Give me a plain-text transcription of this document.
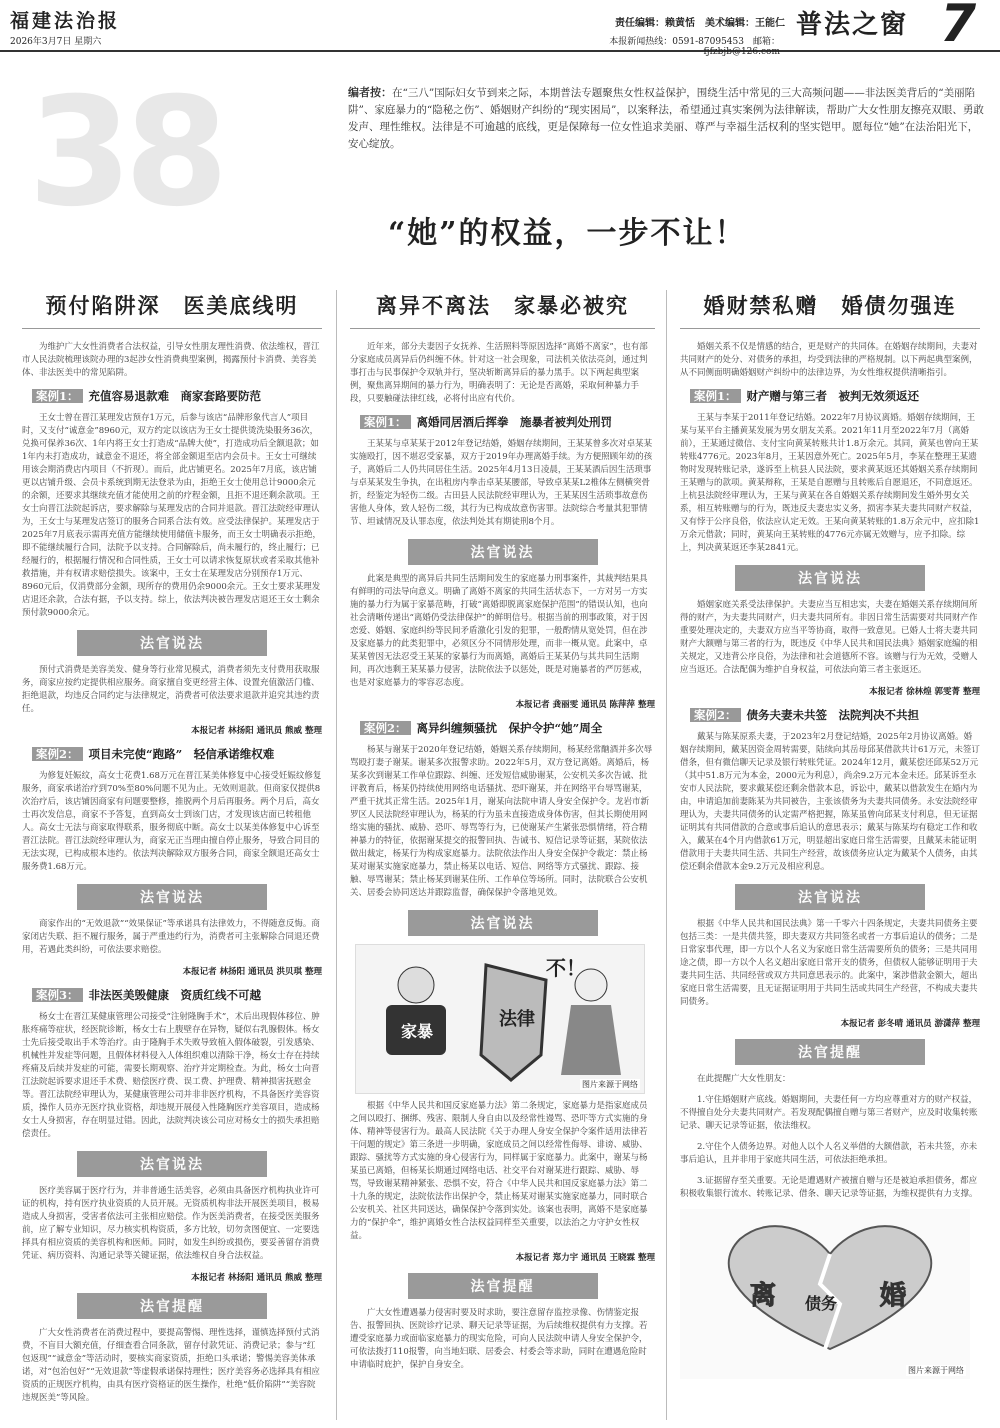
福建法治报
2026年3月7日 星期六
责任编辑：赖黄恬　美术编辑：王能仁
本报新闻热线：0591-87095453　邮箱：fjfzbjb@126.com
普法之窗 7
38	编者按：在“三八”国际妇女节到来之际，本期普法专题聚焦女性权益保护，围绕生活中常见的三大高频问题——非法医美背后的“美丽陷阱”、家庭暴力的“隐秘之伤”、婚姻财产纠纷的“现实困局”，以案释法，希望通过真实案例为法律解读，帮助广大女性朋友擦亮双眼、勇敢发声、理性维权。法律是不可逾越的底线，更是保障每一位女性追求美丽、尊严与幸福生活权利的坚实铠甲。愿每位“她”在法治阳光下，安心绽放。
“她”的权益，一步不让！
预付陷阱深　医美底线明
为维护广大女性消费者合法权益，引导女性朋友理性消费、依法维权，晋江市人民法院梳理该院办理的3起涉女性消费典型案例，揭露预付卡消费、美容美体、非法医美中的常见陷阱。
案例1： 充值容易退款难　商家套路要防范
王女士曾在晋江某理发店预存1万元，后参与该店“品牌形象代言人”项目时，又支付“诚意金”8960元，双方约定以该店为王女士提供烫洗染服务36次，兑换可保养36次、1年内将王女士打造成“品牌大使”，打造成功后全额退款；如1年内未打造成功，诚意金不退还，将全部金额退至店内会员卡。王女士可继续用该会期消费店内项目（不折现）。而后，此店铺更名。2025年7月底，该店铺更以店铺升级、会员卡系统到期无法登录为由，拒绝王女士使用总计9000余元的余额，还要求其继续充值才能使用之前的疗程金额，且拒不退还剩余款项。王女士向晋江法院起诉店，要求解除与某理发店的合同并退款。晋江法院经审理认为，王女士与某理发店签订的服务合同系合法有效。应受法律保护。某理发店于2025年7月底表示需再充值方能继续使用储值卡服务，而王女士明确表示拒绝，即不能继续履行合同，法院予以支持。合同解除后，尚未履行的，终止履行；已经履行的，根据履行情况和合同性质，王女士可以请求恢复原状或者采取其他补救措施，并有权请求赔偿损失。该案中，王女士在某理发店分别预存1万元、8960元后，仅消费部分金额，现所存的费用仍余9000余元。王女士要求某理发店退还余款，合法有据，予以支持。综上，依法判决被告理发店退还王女士剩余预付款9000余元。
法官说法
预付式消费是美容美发、健身等行业常见模式，消费者须先支付费用获取服务，商家应按约定提供相应服务。商家擅自变更经营主体、设置充值激活门槛、拒绝退款，均违反合同约定与法律规定，消费者可依法要求退款并追究其违约责任。
本报记者 林扬阳 通讯员 熊威 整理
案例2： 项目未完使“跑路”　轻信承诺维权难
为修复妊娠纹，高女士花费1.68万元在晋江某美体修复中心接受妊娠纹修复服务，商家承诺治疗到70%至80%问题不见为止。无效则退款。但商家仅提供8次治疗后，该店铺因商家有问题要整修，推脱两个月后再服务。两个月后，高女士再次发信息，商家不予答复，直到高女士到该门店，才发现该店面已转租他人。高女士无法与商家取得联系，服务彻底中断。高女士以某美体修复中心诉至晋江法院。晋江法院经审理认为，商家无正当理由擅自停止服务，导致合同目的无法实现，已构成根本违约。依法判决解除双方服务合同，商家全额退还高女士服务费1.68万元。
法官说法
商家作出的“无效退款”“效果保证”等承诺具有法律效力，不得随意反悔。商家闭店失联、拒不履行服务，属于严重违约行为，消费者可主张解除合同退还费用，若遇此类纠纷，可依法要求赔偿。
本报记者 林扬阳 通讯员 洪贝琪 整理
案例3： 非法医美毁健康　资质红线不可越
杨女士在晋江某健康管理公司接受“注射隆胸手术”，术后出现假体移位、肿胀疼痛等症状，经医院诊断，杨女士右上腹壁存在异物，疑似右乳腺假体。杨女士先后接受取出手术等治疗。由于隆胸手术失败导致植入假体破裂，引发感染、机械性并发症等问题，且假体材料侵入人体组织难以清除干净，杨女士存在持续疼痛及后续并发症的可能，需要长期观察、治疗并定期检查。为此，杨女士向晋江法院起诉要求退还手术费、赔偿医疗费、误工费、护理费、精神损害抚慰金等。晋江法院经审理认为，某健康管理公司并非非医疗机构，不具备医疗美容资质，操作人员亦无医疗执业资格，却违规开展侵入性隆胸医疗美容项目，造成杨女士人身损害，存在明显过错。因此，法院判决该公司应对杨女士的损失承担赔偿责任。
法官说法
医疗美容属于医疗行为，并非普通生活美容，必须由具备医疗机构执业许可证的机构，持有医疗执业资质的人员开展。无资质机构非法开展医美项目，极易造成人身损害，受害者依法可主张相应赔偿。作为医美消费者，在接受医美服务前，应了解专业知识，尽力核实机构资质，多方比较，切勿贪图便宜、一定要选择具有相应资质的美容机构和医师。同时，如发生纠纷或损伤，要妥善留存消费凭证、病历资料、沟通记录等关键证据，依法维权自身合法权益。
本报记者 林扬阳 通讯员 熊威 整理
法官提醒
广大女性消费者在消费过程中，要提高警惕、理性选择，谨慎选择预付式消费，不盲目大额充值，仔细查看合同条款，留存付款凭证、消费记录；参与“红包返现”“诚意金”等活动时，要核实商家资质，拒绝口头承诺；警惕美容美体承诺，对“包治包好”“无效退款”等虚假承诺保持理性；医疗美容务必选择具有相应资质的正规医疗机构，由具有医疗资格证的医生操作，杜绝“低价陷阱”“美容院违规医美”等风险。
离异不离法　家暴必被究
近年来，部分夫妻因子女抚养、生活照料等原因选择“离婚不离家”，也有部分家庭成员离异后仍纠缠不休。针对这一社会现象，司法机关依法亮剑，通过判事打击与民事保护令双轨并行，坚决斩断离异后的暴力黑手。以下两起典型案例，聚焦离异期间的暴力行为，明确表明了：无论是否离婚，采取何种暴力手段，只要触碰法律红线，必将付出应有代价。
案例1： 离婚同居酒后挥拳　施暴者被判处刑罚
王某某与卓某某于2012年登记结婚，婚姻存续期间，王某某曾多次对卓某某实施殴打，因不堪忍受家暴，双方于2019年办理离婚手续。为方便照顾年幼的孩子，离婚后二人仍共同居住生活。2025年4月13日凌晨，王某某酒后因生活琐事与卓某某发生争执，在出租房内拳击卓某某腰部，导致卓某某L2椎体左侧横突骨折，经鉴定为轻伤二级。古田县人民法院经审理认为，王某某因生活琐事故意伤害他人身体，致人轻伤二级，其行为已构成故意伤害罪。法院综合考量其犯罪情节、坦诚情况及认罪态度，依法判处其有期徒刑8个月。
法官说法
此案是典型的离异后共同生活期间发生的家庭暴力刑事案件，其裁判结果具有鲜明的司法导向意义。明确了离婚不离家的共同生活状态下，一方对另一方实施的暴力行为属于家暴范畴，打破“离婚即脱离家庭保护范围”的错误认知，也向社会清晰传递出“离婚仍受法律保护”的鲜明信号。根据当前的刑事政策，对于因恋爱、婚姻、家庭纠纷等民间矛盾激化引发的犯罪，一般酌情从宽处罚，但在涉及家庭暴力的此类犯罪中，必须区分不同情形处理，而非一概从宽。此案中，卓某某曾因无法忍受王某某的家暴行为而离婚，离婚后王某某仍与其共同生活期间，再次违剩王某某暴力侵害，法院依法予以惩处，既是对施暴者的严厉惩戒，也是对家庭暴力的零容忍态度。
本报记者 龚丽雯 通讯员 陈萍萍 整理
案例2： 离异纠缠频骚扰　保护令护“她”周全
杨某与谢某于2020年登记结婚，婚姻关系存续期间，杨某经常酗酒并多次辱骂殴打妻子谢某。谢某多次报警求助。2022年5月，双方登记离婚。离婚后，杨某多次到谢某工作单位跟踪、纠缠、还发短信威胁谢某，公安机关多次告诫、批评教育后，杨某仍持续使用网络电话骚扰、恐吓谢某，并在网络平台辱骂谢某，严重干扰其正常生活。2025年1月，谢某向法院申请人身安全保护令。龙岩市新罗区人民法院经审理认为，杨某的行为虽未直接造成身体伤害，但其长期使用网络实施的骚扰、威胁、恐吓、辱骂等行为，已使谢某产生紧张恐惧情绪，符合精神暴力的特征，依据谢某提交的报警回执、告诫书、短信记录等证据，某院依法做出裁定，杨某行为构成家庭暴力。法院依法作出人身安全保护令裁定：禁止杨某对谢某实施家庭暴力，禁止杨某以电话、短信、网络等方式骚扰、跟踪、接触、辱骂谢某；禁止杨某到谢某住所、工作单位等场所。同时，法院联合公安机关、居委会协同送达并跟踪监督，确保保护令落地见效。
法官说法
家暴
法律
不！
图片来源于网络
根据《中华人民共和国反家庭暴力法》第二条规定，家庭暴力是指家庭成员之间以殴打、捆绑、残害、限制人身自由以及经常性谩骂、恐吓等方式实施的身体、精神等侵害行为。最高人民法院《关于办理人身安全保护令案件适用法律若干问题的规定》第三条进一步明确，家庭成员之间以经常性侮辱、诽谤、威胁、跟踪、骚扰等方式实施的身心侵害行为，同样属于家庭暴力。此案中，谢某与杨某虽已离婚，但杨某长期通过网络电话、社交平台对谢某进行跟踪、威胁、辱骂，导致谢某精神紧张、恐惧不安，符合《中华人民共和国反家庭暴力法》第二十九条的规定，法院依法作出保护令，禁止杨某对谢某实施家庭暴力，同时联合公安机关、社区共同送达，确保保护令落到实处。该案也表明，离婚不是家庭暴力的“保护伞”，维护离婚女性合法权益同样至关重要，以法治之力守护女性权益。
本报记者 郑力宇 通讯员 王晓霖 整理
法官提醒
广大女性遭遇暴力侵害时要及时求助，要注意留存监控录像、伤情鉴定报告、报警回执、医院诊疗记录、聊天记录等证据，为后续维权提供有力支撑。若遭受家庭暴力或面临家庭暴力的现实危险，可向人民法院申请人身安全保护令，可依法拨打110报警，向当地妇联、居委会、村委会等求助，同时在遭遇危险时申请临时庇护，保护自身安全。
婚财禁私赠　婚债勿强连
婚姻关系不仅是情感的结合，更是财产的共同体。在婚姻存续期间，夫妻对共同财产的处分、对债务的承担，均受到法律的严格规制。以下两起典型案例，从不同侧面明确婚姻财产纠纷中的法律边界，为女性维权提供清晰指引。
案例1： 财产赠与第三者　被判无效须返还
王某与李某于2011年登记结婚。2022年7月协议离婚。婚姻存续期间，王某与某平台主播黄某发展为男女朋友关系。2021年11月至2022年7月（离婚前），王某通过微信、支付宝向黄某转账共计1.8万余元。其同，黄某也曾向王某转账4776元。2023年8月，王某因意外死亡。2025年5月，李某在整理王某遗物时发现转账记录，遂诉至上杭县人民法院，要求黄某返还其婚姻关系存续期间王某赠与的款项。黄某辩称，王某是自愿赠与且转账后自愿退还，不同意返还。上杭县法院经审理认为，王某与黄某在各自婚姻关系存续期间发生婚外男女关系，相互转账赠与的行为，既违反夫妻忠实义务，损害李某夫妻共同财产权益，又有悖于公序良俗，依法应认定无效。王某向黄某转账的1.8万余元中，应扣除1万余元借款；同时，黄某向王某转账的4776元亦属无效赠与，应予扣除。综上，判决黄某返还李某2841元。
法官说法
婚姻家庭关系受法律保护。夫妻应当互相忠实，夫妻在婚姻关系存续期间所得的财产，为夫妻共同财产，归夫妻共同所有。非因日常生活需要对共同财产作重要处理决定的，夫妻双方应当平等协商，取得一致意见。已婚人士将夫妻共同财产大额赠与第三者的行为，既违反《中华人民共和国民法典》婚姻家庭编的相关规定，又违背公序良俗，为法律和社会道德所不容。该赠与行为无效，受赠人应当返还。合法配偶为维护自身权益，可依法向第三者主张返还。
本报记者 徐林煌 郭雯菁 整理
案例2： 债务夫妻未共签　法院判决不共担
戴某与陈某原系夫妻，于2023年2月登记结婚，2025年2月协议离婚。婚姻存续期间，戴某因资金周转需要，陆续向其岳母邱某借款共计61万元，未签订借条，但有微信聊天记录及银行转账凭证。2024年12月，戴某偿还邱某52万元（其中51.8万元为本金，2000元为利息），尚余9.2万元本金未还。邱某诉至永安市人民法院，要求戴某偿还剩余借款本息，诉讼中，戴某以借款发生在婚内为由，申请追加前妻陈某为共同被告，主张该债务为夫妻共同债务。永安法院经审理认为，夫妻共同债务的认定需严格把握，陈某虽曾向邱某支付利息，但无证据证明其有共同借款的合意或事后追认的意思表示；戴某与陈某均有稳定工作和收入，戴某在4个月内借款61万元，明显超出家庭日常生活需要，且戴某未能证明借款用于夫妻共同生活、共同生产经营，故该债务应认定为戴某个人债务，由其偿还剩余借款本金9.2万元及相应利息。
法官说法
根据《中华人民共和国民法典》第一千零六十四条规定，夫妻共同债务主要包括三类：一是共债共签，即夫妻双方共同签名或者一方事后追认的债务；二是日常家事代理，即一方以个人名义为家庭日常生活需要所负的债务；三是共同用途之债，即一方以个人名义超出家庭日常开支的债务，但债权人能够证明用于夫妻共同生活、共同经营或双方共同意思表示的。此案中，案涉借款金额大，超出家庭日常生活需要，且无证据证明用于共同生活或共同生产经营，不构成夫妻共同债务。
本报记者 彭冬晴 通讯员 游潇萍 整理
法官提醒
在此提醒广大女性朋友：
1.守住婚姻财产底线。婚姻期间，夫妻任何一方均应尊重对方的财产权益，不得擅自处分夫妻共同财产。若发现配偶擅自赠与第三者财产，应及时收集转账记录、聊天记录等证据，依法维权。
2.守住个人债务边界。对他人以个人名义举借的大额借款，若未共签，亦未事后追认，且并非用于家庭共同生活，可依法拒绝承担。
3.证据留存至关重要。无论是遭遇财产被擅自赠与还是被迫承担债务，都应积极收集银行流水、转账记录、借条、聊天记录等证据，为维权提供有力支撑。
离 债务 婚
图片来源于网络
